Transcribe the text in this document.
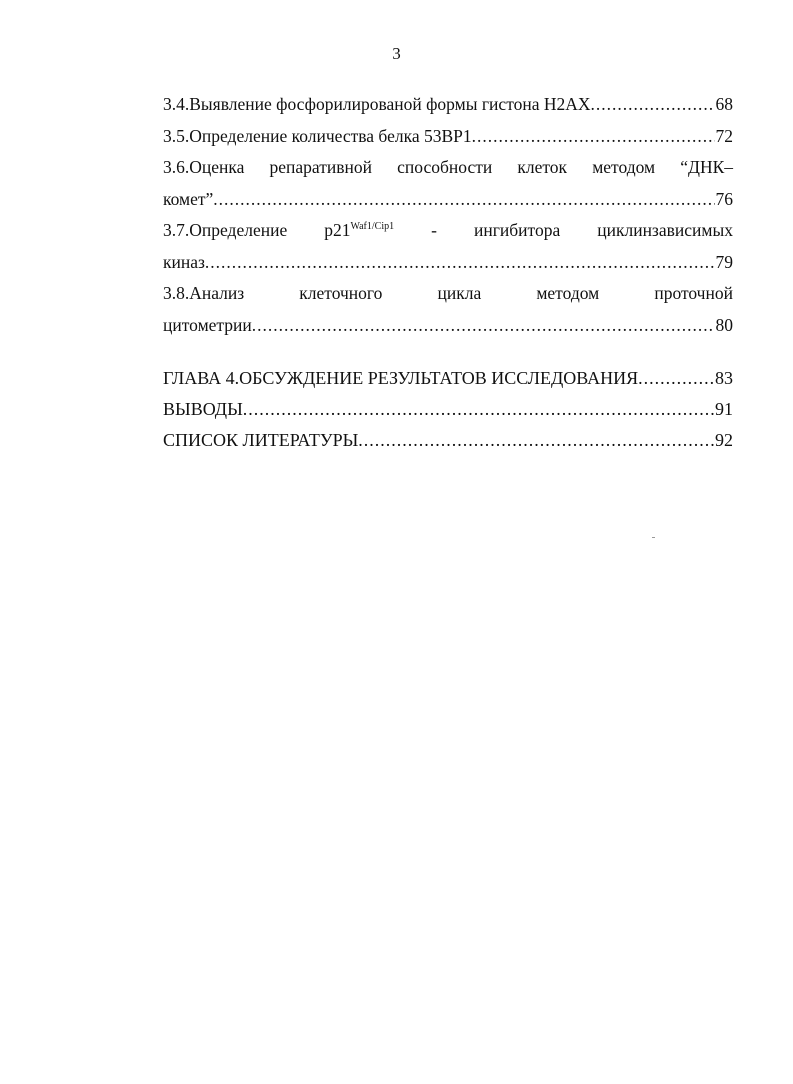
3
3.4.Выявление фосфорилированой формы гистона Н2АХ .....	68
3.5.Определение количества белка 53BP1 .....	72
3.6.Оценка репаративной способности клеток методом “ДНК–
комет” .....	76
3.7.Определение $p21^{Waf1/Cip1}$ - ингибитора циклинзависимых
киназ .....	79
3.8.Анализ	клеточного	цикла	методом	проточной
цитометрии .....	80
ГЛАВА 4.ОБСУЖДЕНИЕ РЕЗУЛЬТАТОВ ИССЛЕДОВАНИЯ .....	83
ВЫВОДЫ .....	91
СПИСОК ЛИТЕРАТУРЫ .....	92
